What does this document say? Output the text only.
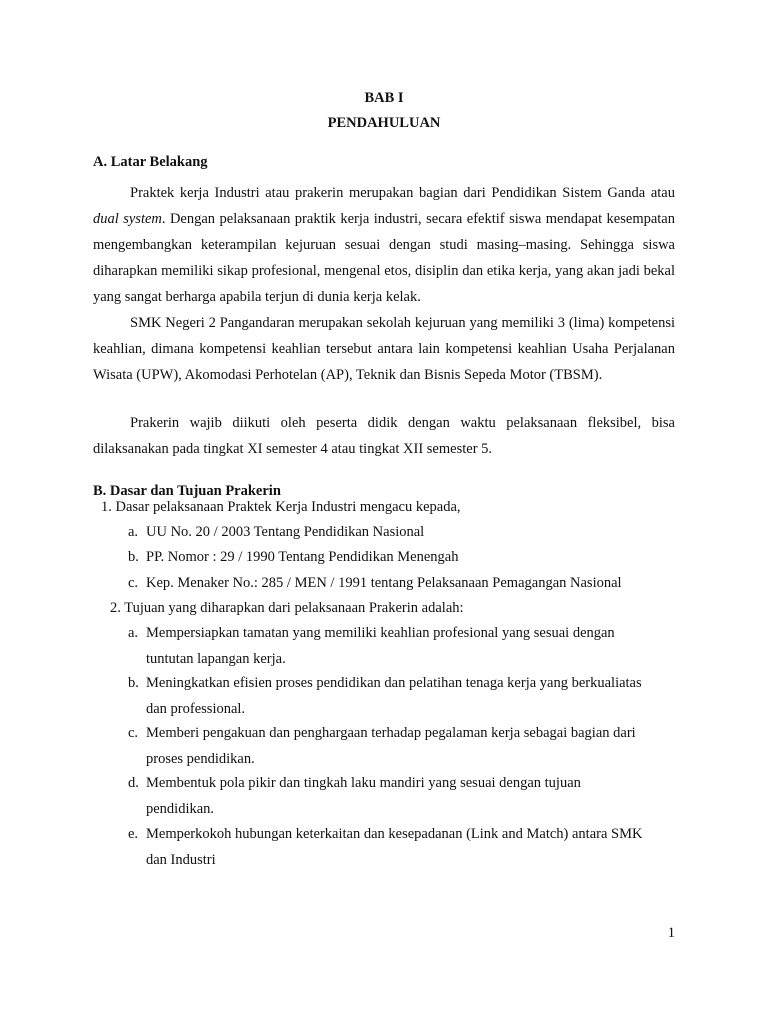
BAB I

PENDAHULUAN

A. Latar Belakang

Praktek kerja Industri atau prakerin merupakan bagian dari Pendidikan Sistem Ganda atau dual system. Dengan pelaksanaan praktik kerja industri, secara efektif siswa mendapat kesempatan mengembangkan keterampilan kejuruan sesuai dengan studi masing–masing. Sehingga siswa diharapkan memiliki sikap profesional, mengenal etos, disiplin dan etika kerja, yang akan jadi bekal yang sangat berharga apabila terjun di dunia kerja kelak.

SMK Negeri 2 Pangandaran merupakan sekolah kejuruan yang memiliki 3 (lima) kompetensi keahlian, dimana kompetensi keahlian tersebut antara lain kompetensi keahlian Usaha Perjalanan Wisata (UPW), Akomodasi Perhotelan (AP), Teknik dan Bisnis Sepeda Motor (TBSM).

Prakerin wajib diikuti oleh peserta didik dengan waktu pelaksanaan fleksibel, bisa dilaksanakan pada tingkat XI semester 4 atau tingkat XII semester 5.

B. Dasar dan Tujuan Prakerin

1. Dasar pelaksanaan Praktek Kerja Industri mengacu kepada,

a. UU No. 20 / 2003 Tentang Pendidikan Nasional

b. PP. Nomor : 29 / 1990 Tentang Pendidikan Menengah

c. Kep. Menaker No.: 285 / MEN / 1991 tentang Pelaksanaan Pemagangan Nasional

2. Tujuan yang diharapkan dari pelaksanaan Prakerin adalah:

a. Mempersiapkan tamatan yang memiliki keahlian profesional yang sesuai dengan
tuntutan lapangan kerja.
b. Meningkatkan efisien proses pendidikan dan pelatihan tenaga kerja yang berkualiatas
dan professional.
c. Memberi pengakuan dan penghargaan terhadap pegalaman kerja sebagai bagian dari
proses pendidikan.
d. Membentuk pola pikir dan tingkah laku mandiri yang sesuai dengan tujuan
pendidikan.
e. Memperkokoh hubungan keterkaitan dan kesepadanan (Link and Match) antara SMK
dan Industri

1
